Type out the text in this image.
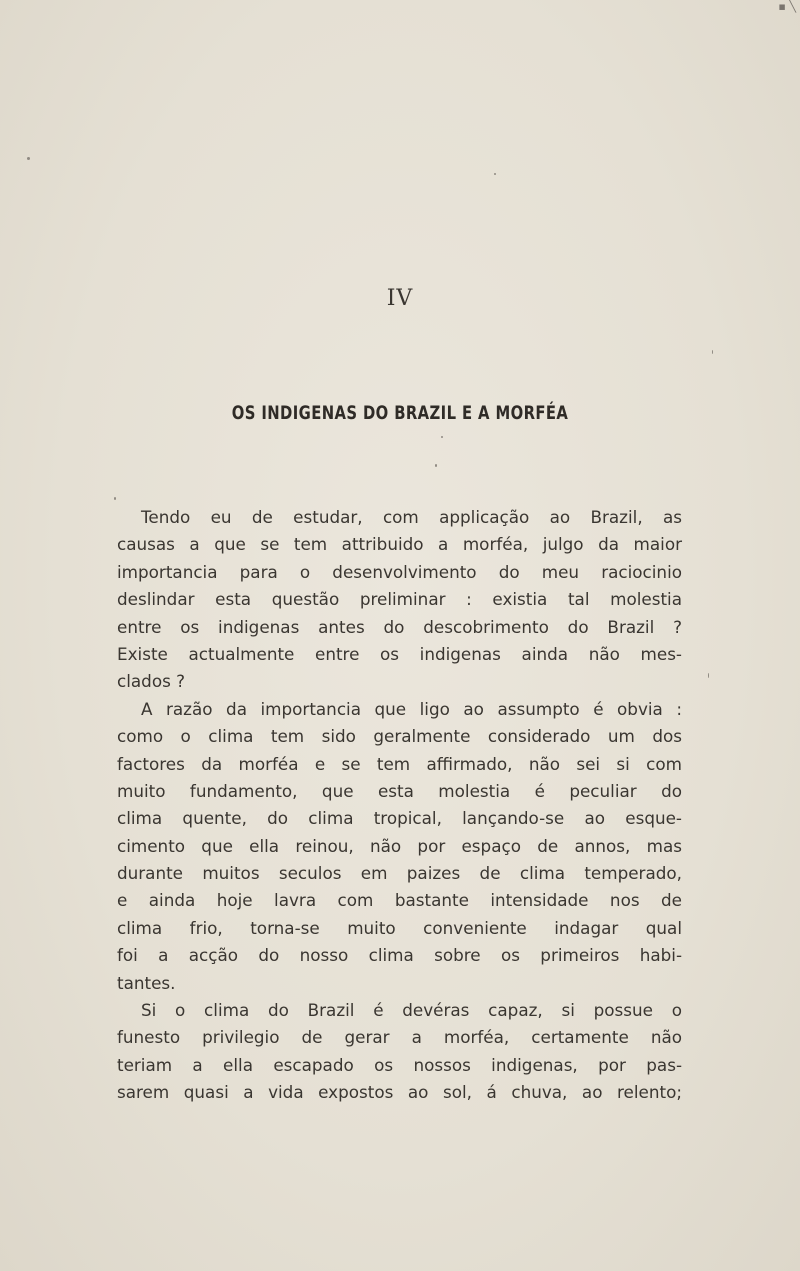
▪ ╲
IV
OS INDIGENAS DO BRAZIL E A MORFÉA
Tendo eu de estudar, com applicação ao Brazil, as
causas a que se tem attribuido a morféa, julgo da maior
importancia para o desenvolvimento do meu raciocinio
deslindar esta questão preliminar : existia tal molestia
entre os indigenas antes do descobrimento do Brazil ?
Existe actualmente entre os indigenas ainda não mes-
clados ?
A razão da importancia que ligo ao assumpto é obvia :
como o clima tem sido geralmente considerado um dos
factores da morféa e se tem affirmado, não sei si com
muito fundamento, que esta molestia é peculiar do
clima quente, do clima tropical, lançando-se ao esque-
cimento que ella reinou, não por espaço de annos, mas
durante muitos seculos em paizes de clima temperado,
e ainda hoje lavra com bastante intensidade nos de
clima frio, torna-se muito conveniente indagar qual
foi a acção do nosso clima sobre os primeiros habi-
tantes.
Si o clima do Brazil é devéras capaz, si possue o
funesto privilegio de gerar a morféa, certamente não
teriam a ella escapado os nossos indigenas, por pas-
sarem quasi a vida expostos ao sol, á chuva, ao relento;
